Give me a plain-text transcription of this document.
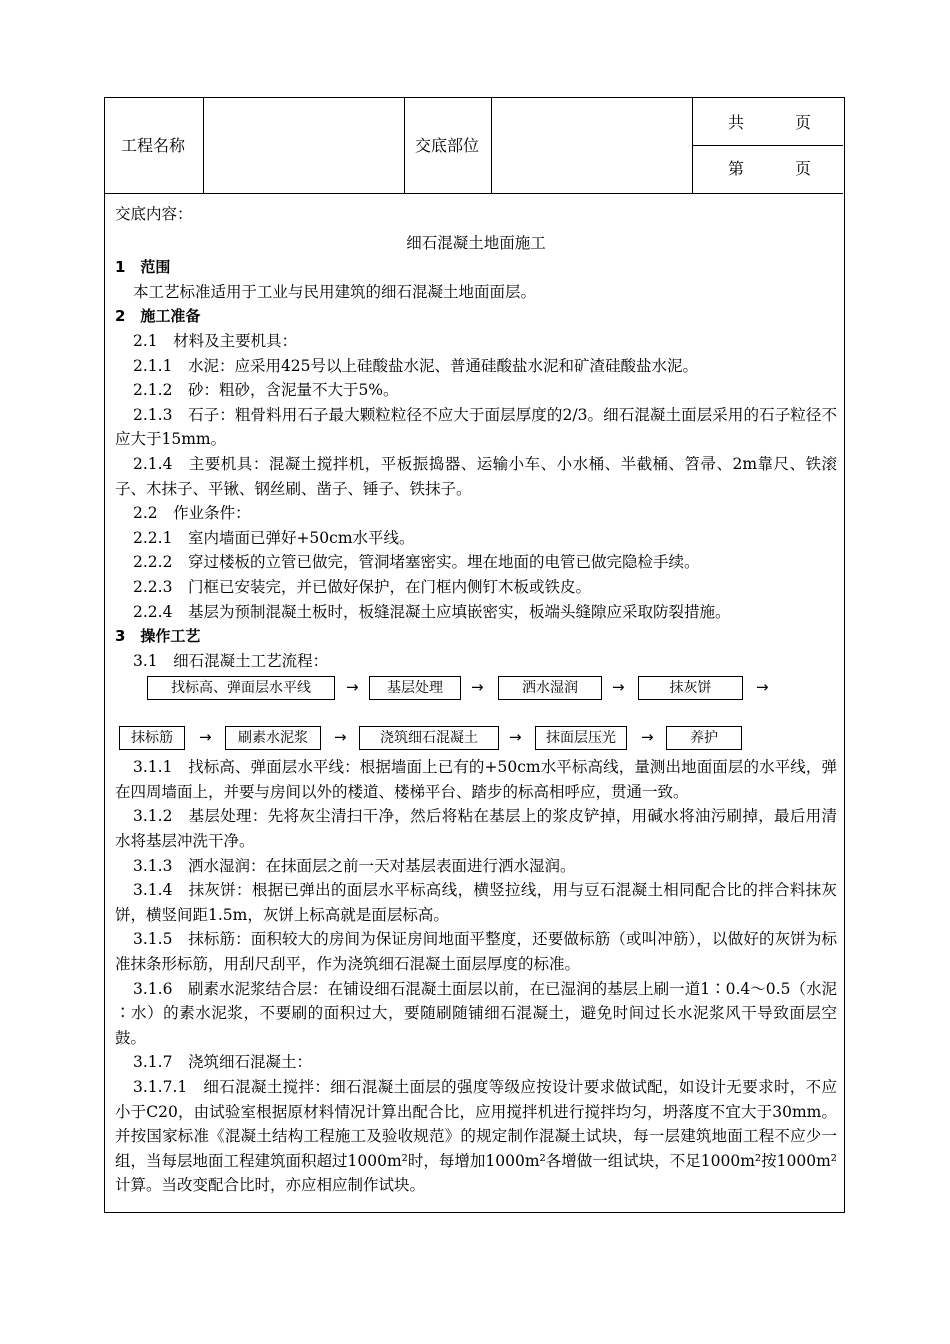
工程名称	交底部位
共	页
第	页

交底内容：

细石混凝土地面施工

1　范围

本工艺标准适用于工业与民用建筑的细石混凝土地面面层。

2　施工准备

2.1　材料及主要机具：

2.1.1　水泥：应采用425号以上硅酸盐水泥、普通硅酸盐水泥和矿渣硅酸盐水泥。

2.1.2　砂：粗砂，含泥量不大于5%。

2.1.3　石子：粗骨料用石子最大颗粒粒径不应大于面层厚度的2/3。细石混凝土面层采用的石子粒径不应大于15mm。

2.1.4　主要机具：混凝土搅拌机，平板振捣器、运输小车、小水桶、半截桶、笤帚、2m靠尺、铁滚子、木抹子、平锹、钢丝刷、凿子、锤子、铁抹子。

2.2　作业条件：

2.2.1　室内墙面已弹好+50cm水平线。

2.2.2　穿过楼板的立管已做完，管洞堵塞密实。埋在地面的电管已做完隐检手续。

2.2.3　门框已安装完，并已做好保护，在门框内侧钉木板或铁皮。

2.2.4　基层为预制混凝土板时，板缝混凝土应填嵌密实，板端头缝隙应采取防裂措施。

3　操作工艺

3.1　细石混凝土工艺流程：

找标高、弹面层水平线	→	基层处理	→	洒水湿润	→	抹灰饼	→
抹标筋	→	刷素水泥浆	→	浇筑细石混凝土	→	抹面层压光	→	养护

3.1.1　找标高、弹面层水平线：根据墙面上已有的+50cm水平标高线，量测出地面面层的水平线，弹在四周墙面上，并要与房间以外的楼道、楼梯平台、踏步的标高相呼应，贯通一致。

3.1.2　基层处理：先将灰尘清扫干净，然后将粘在基层上的浆皮铲掉，用碱水将油污刷掉，最后用清水将基层冲洗干净。

3.1.3　洒水湿润：在抹面层之前一天对基层表面进行洒水湿润。

3.1.4　抹灰饼：根据已弹出的面层水平标高线，横竖拉线，用与豆石混凝土相同配合比的拌合料抹灰饼，横竖间距1.5m，灰饼上标高就是面层标高。

3.1.5　抹标筋：面积较大的房间为保证房间地面平整度，还要做标筋（或叫冲筋），以做好的灰饼为标准抹条形标筋，用刮尺刮平，作为浇筑细石混凝土面层厚度的标准。

3.1.6　刷素水泥浆结合层：在铺设细石混凝土面层以前，在已湿润的基层上刷一道1∶0.4～0.5（水泥∶水）的素水泥浆，不要刷的面积过大，要随刷随铺细石混凝土，避免时间过长水泥浆风干导致面层空鼓。

3.1.7　浇筑细石混凝土：

3.1.7.1　细石混凝土搅拌：细石混凝土面层的强度等级应按设计要求做试配，如设计无要求时，不应小于C20，由试验室根据原材料情况计算出配合比，应用搅拌机进行搅拌均匀，坍落度不宜大于30mm。并按国家标准《混凝土结构工程施工及验收规范》的规定制作混凝土试块，每一层建筑地面工程不应少一组，当每层地面工程建筑面积超过1000m²时，每增加1000m²各增做一组试块，不足1000m²按1000m²计算。当改变配合比时，亦应相应制作试块。
